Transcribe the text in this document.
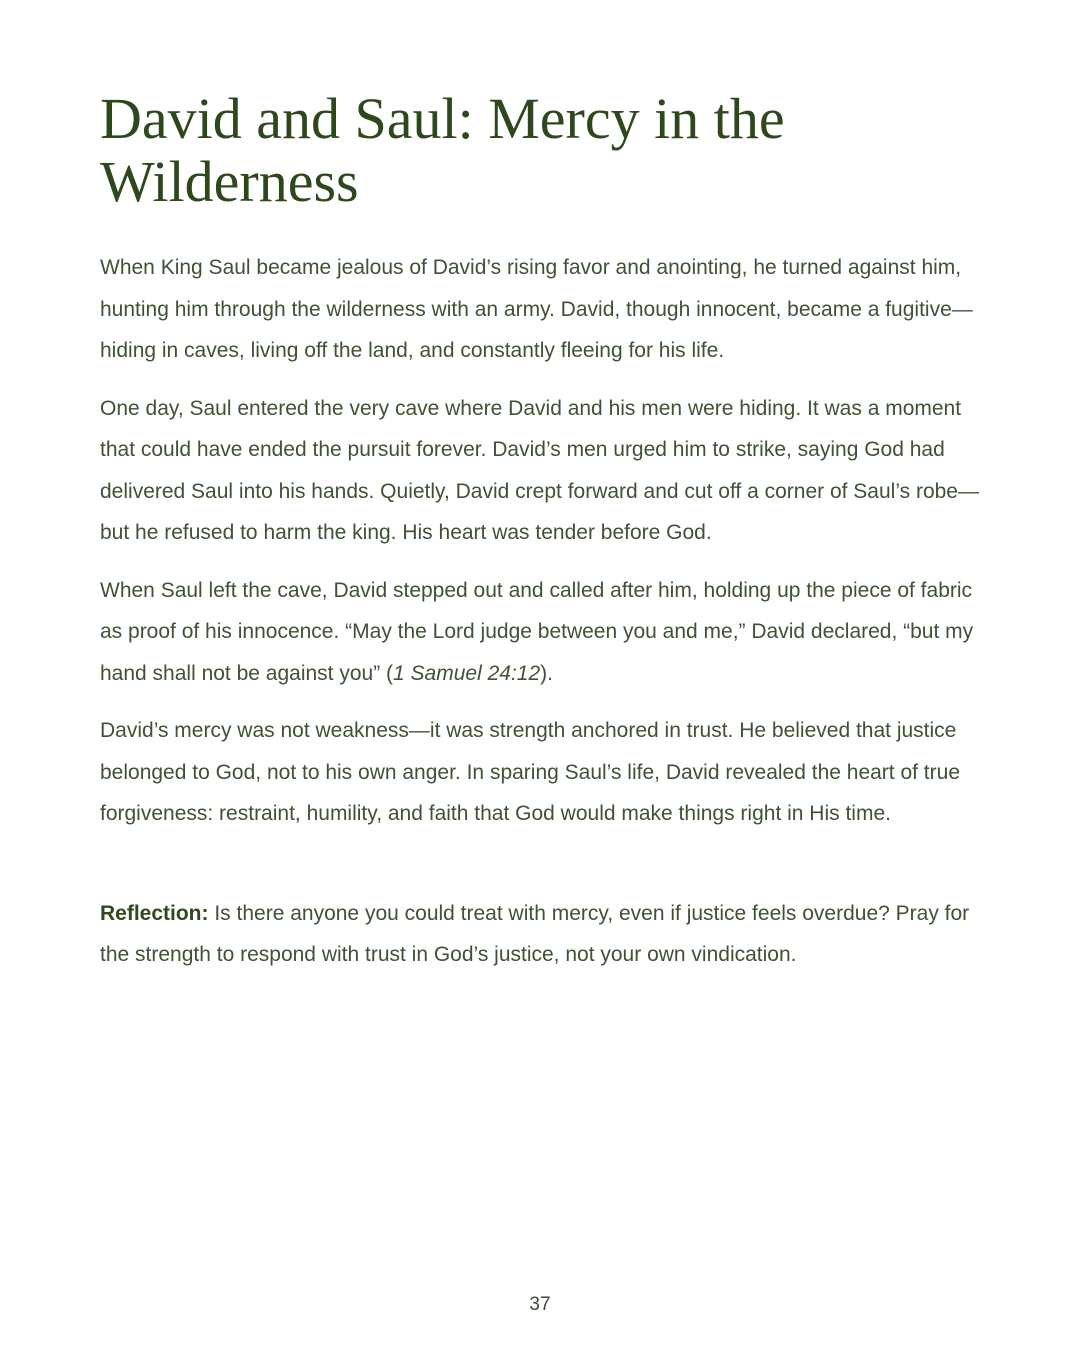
David and Saul: Mercy in the
Wilderness

When King Saul became jealous of David’s rising favor and anointing, he turned against him, hunting him through the wilderness with an army. David, though innocent, became a fugitive—hiding in caves, living off the land, and constantly fleeing for his life.

One day, Saul entered the very cave where David and his men were hiding. It was a moment that could have ended the pursuit forever. David’s men urged him to strike, saying God had delivered Saul into his hands. Quietly, David crept forward and cut off a corner of Saul’s robe—but he refused to harm the king. His heart was tender before God.

When Saul left the cave, David stepped out and called after him, holding up the piece of fabric as proof of his innocence. “May the Lord judge between you and me,” David declared, “but my hand shall not be against you” (1 Samuel 24:12).

David’s mercy was not weakness—it was strength anchored in trust. He believed that justice belonged to God, not to his own anger. In sparing Saul’s life, David revealed the heart of true forgiveness: restraint, humility, and faith that God would make things right in His time.

Reflection: Is there anyone you could treat with mercy, even if justice feels overdue? Pray for the strength to respond with trust in God’s justice, not your own vindication.

37
